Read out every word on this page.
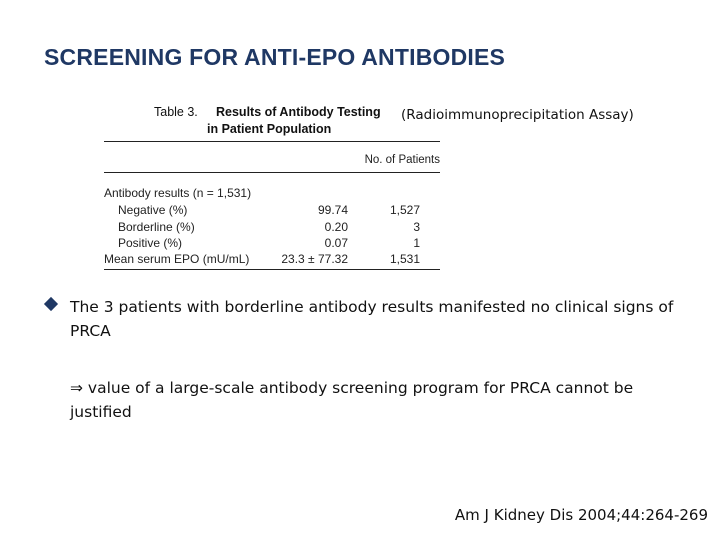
SCREENING FOR ANTI-EPO ANTIBODIES
Table 3. Results of Antibody Testing
in Patient Population
(Radioimmunoprecipitation Assay)
No. of Patients
Antibody results (n = 1,531)
Negative (%)	99.74	1,527
Borderline (%)	0.20	3
Positive (%)	0.07	1
Mean serum EPO (mU/mL)	23.3 ± 77.32	1,531
The 3 patients with borderline antibody results manifested no clinical signs of PRCA
⇒ value of a large-scale antibody screening program for PRCA cannot be justified
Am J Kidney Dis 2004;44:264-269
